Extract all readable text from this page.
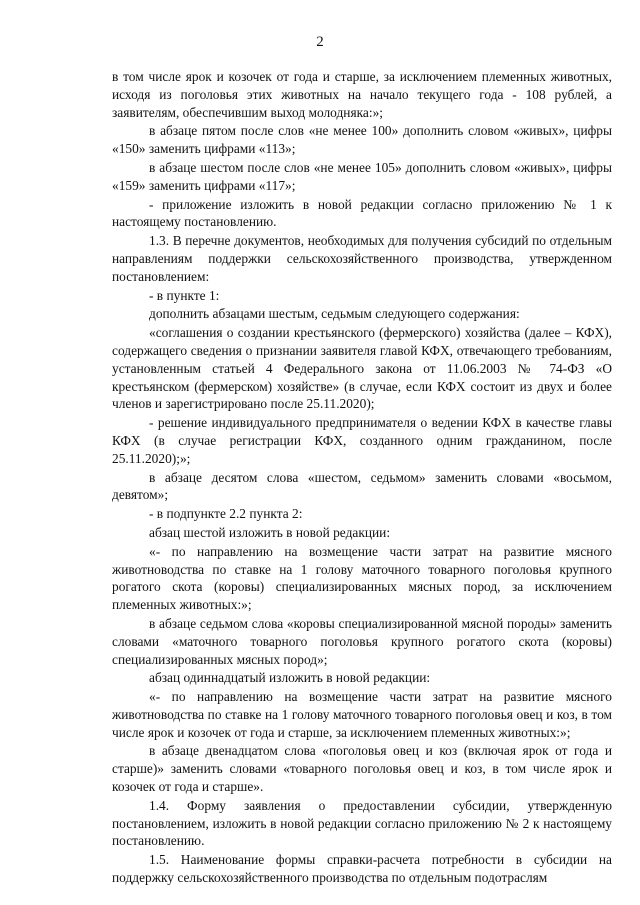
2

в том числе ярок и козочек от года и старше, за исключением племенных животных, исходя из поголовья этих животных на начало текущего года - 108 рублей, а заявителям, обеспечившим выход молодняка:»;

в абзаце пятом после слов «не менее 100» дополнить словом «живых», цифры «150» заменить цифрами «113»;

в абзаце шестом после слов «не менее 105» дополнить словом «живых», цифры «159» заменить цифрами «117»;

- приложение изложить в новой редакции согласно приложению № 1 к настоящему постановлению.

1.3. В перечне документов, необходимых для получения субсидий по отдельным направлениям поддержки сельскохозяйственного производства, утвержденном постановлением:

- в пункте 1:

дополнить абзацами шестым, седьмым следующего содержания:

«соглашения о создании крестьянского (фермерского) хозяйства (далее – КФХ), содержащего сведения о признании заявителя главой КФХ, отвечающего требованиям, установленным статьей 4 Федерального закона от 11.06.2003 № 74-ФЗ «О крестьянском (фермерском) хозяйстве» (в случае, если КФХ состоит из двух и более членов и зарегистрировано после 25.11.2020);

- решение индивидуального предпринимателя о ведении КФХ в качестве главы КФХ (в случае регистрации КФХ, созданного одним гражданином, после 25.11.2020);»;

в абзаце десятом слова «шестом, седьмом» заменить словами «восьмом, девятом»;

- в подпункте 2.2 пункта 2:

абзац шестой изложить в новой редакции:

«- по направлению на возмещение части затрат на развитие мясного животноводства по ставке на 1 голову маточного товарного поголовья крупного рогатого скота (коровы) специализированных мясных пород, за исключением племенных животных:»;

в абзаце седьмом слова «коровы специализированной мясной породы» заменить словами «маточного товарного поголовья крупного рогатого скота (коровы) специализированных мясных пород»;

абзац одиннадцатый изложить в новой редакции:

«- по направлению на возмещение части затрат на развитие мясного животноводства по ставке на 1 голову маточного товарного поголовья овец и коз, в том числе ярок и козочек от года и старше, за исключением племенных животных:»;

в абзаце двенадцатом слова «поголовья овец и коз (включая ярок от года и старше)» заменить словами «товарного поголовья овец и коз, в том числе ярок и козочек от года и старше».

1.4. Форму заявления о предоставлении субсидии, утвержденную постановлением, изложить в новой редакции согласно приложению № 2 к настоящему постановлению.

1.5. Наименование формы справки-расчета потребности в субсидии на поддержку сельскохозяйственного производства по отдельным подотраслям
